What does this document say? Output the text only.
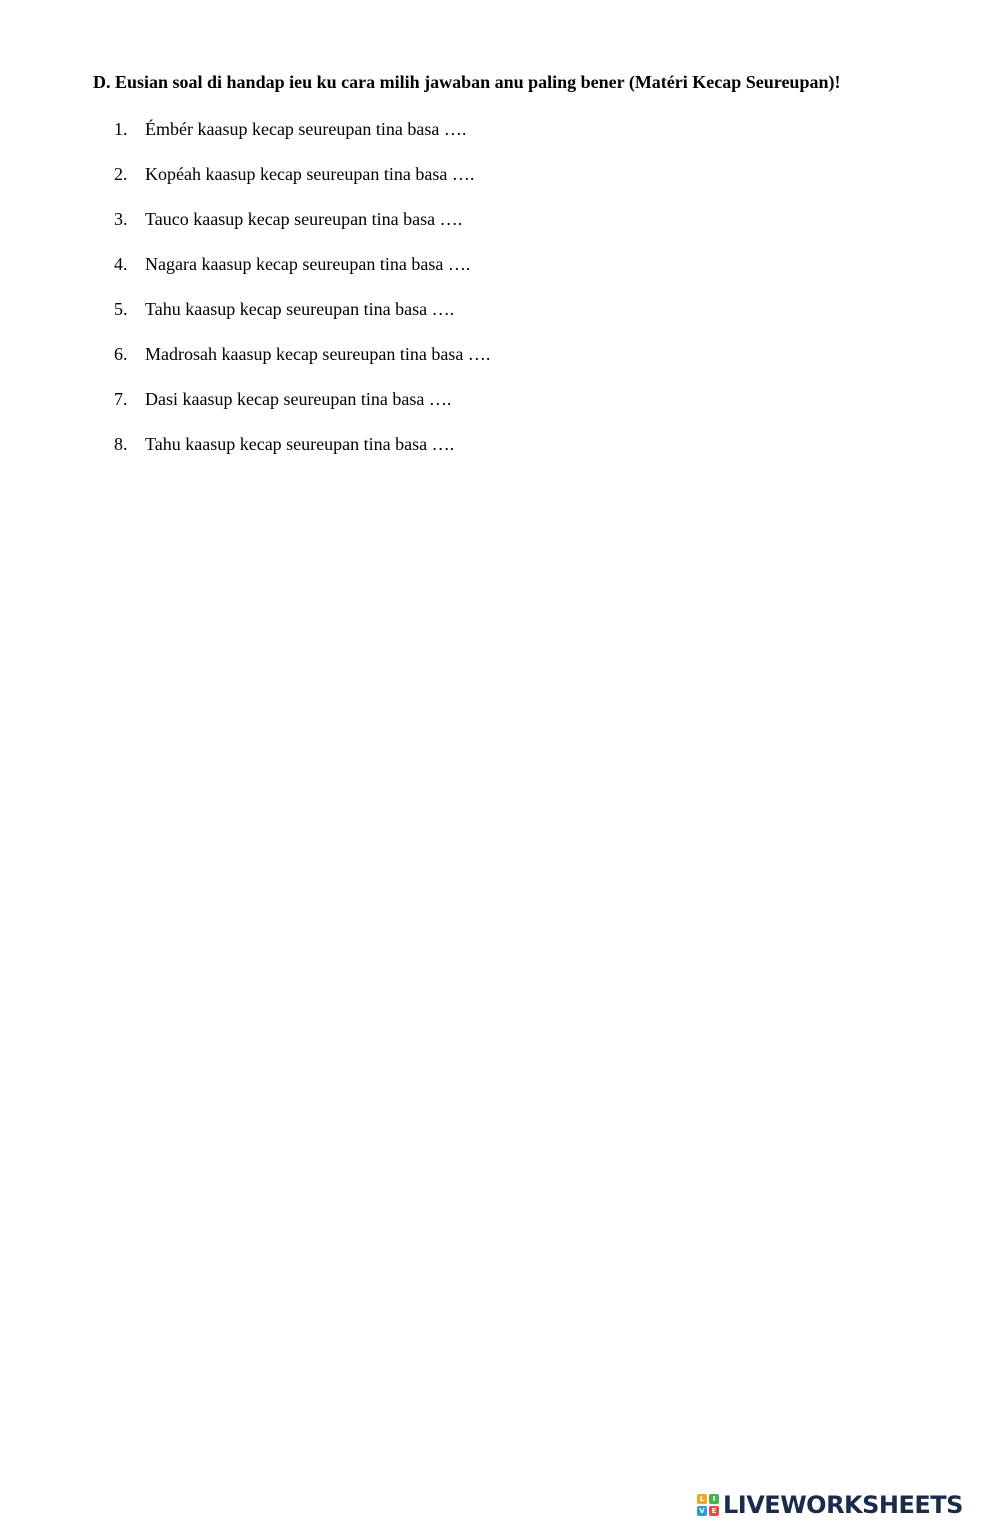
D. Eusian soal di handap ieu ku cara milih jawaban anu paling bener (Matéri Kecap Seureupan)!

1. Émbér kaasup kecap seureupan tina basa ….
2. Kopéah kaasup kecap seureupan tina basa ….
3. Tauco kaasup kecap seureupan tina basa ….
4. Nagara kaasup kecap seureupan tina basa ….
5. Tahu kaasup kecap seureupan tina basa ….
6. Madrosah kaasup kecap seureupan tina basa ….
7. Dasi kaasup kecap seureupan tina basa ….
8. Tahu kaasup kecap seureupan tina basa ….
L	I
V E LIVEWORKSHEETS
